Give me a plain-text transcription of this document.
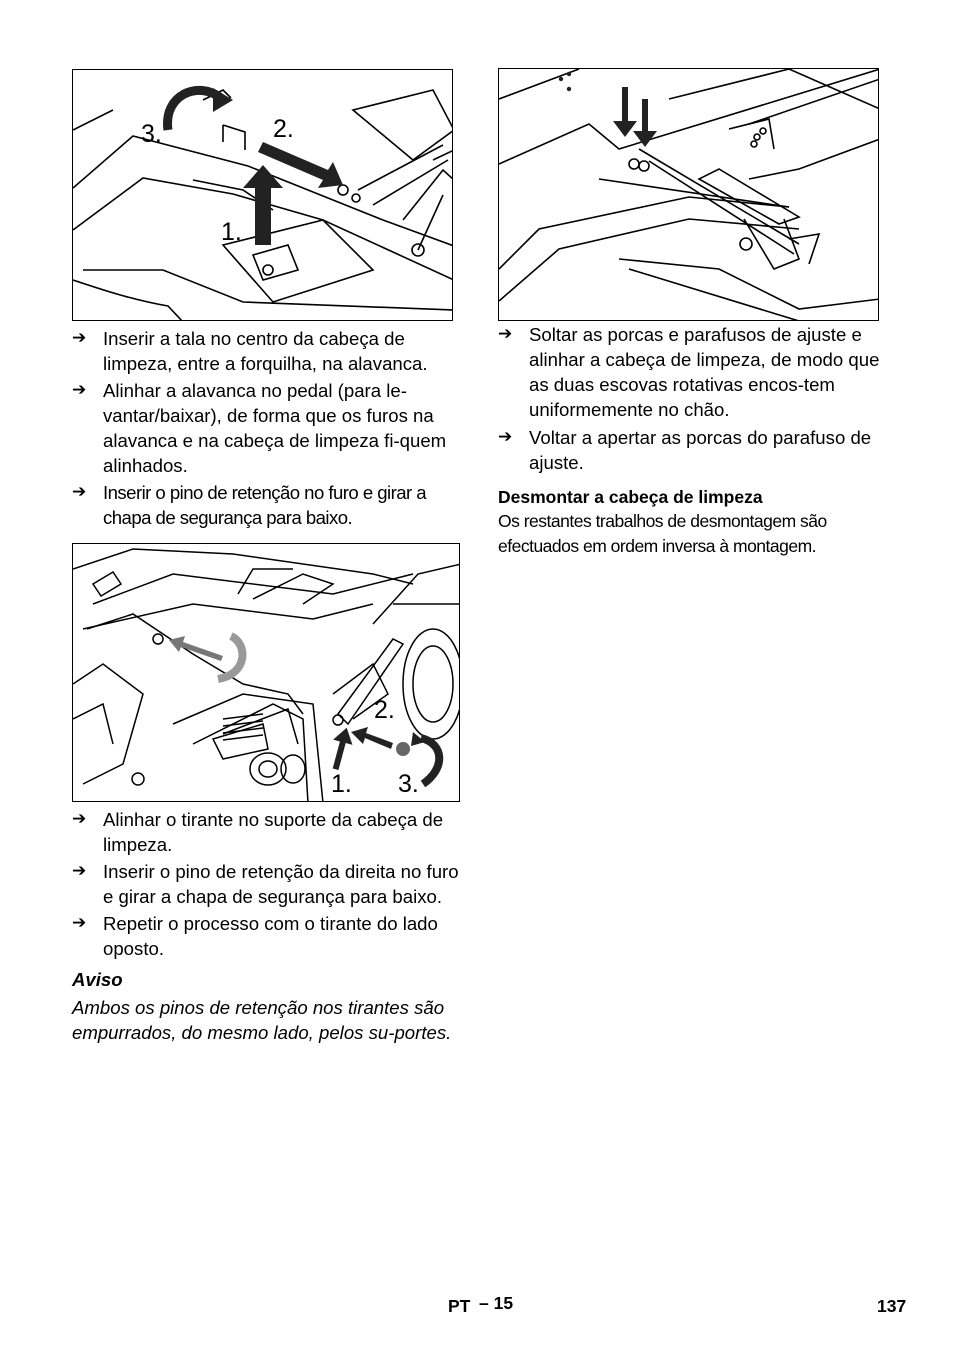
1.
2.
3.
1.
2.
3.

➔ Inserir a tala no centro da cabeça de limpeza, entre a forquilha, na alavanca.

➔ Alinhar a alavanca no pedal (para le-vantar/baixar), de forma que os furos na alavanca e na cabeça de limpeza fi-quem alinhados.

➔ Inserir o pino de retenção no furo e girar a chapa de segurança para baixo.

➔ Alinhar o tirante no suporte da cabeça de limpeza.

➔ Inserir o pino de retenção da direita no furo e girar a chapa de segurança para baixo.

➔ Repetir o processo com o tirante do lado oposto.

Aviso
Ambos os pinos de retenção nos tirantes são empurrados, do mesmo lado, pelos su-portes.

➔ Soltar as porcas e parafusos de ajuste e alinhar a cabeça de limpeza, de modo que as duas escovas rotativas encos-tem uniformemente no chão.

➔ Voltar a apertar as porcas do parafuso de ajuste.

Desmontar a cabeça de limpeza
Os restantes trabalhos de desmontagem são efectuados em ordem inversa à montagem.
PT – 15	137
